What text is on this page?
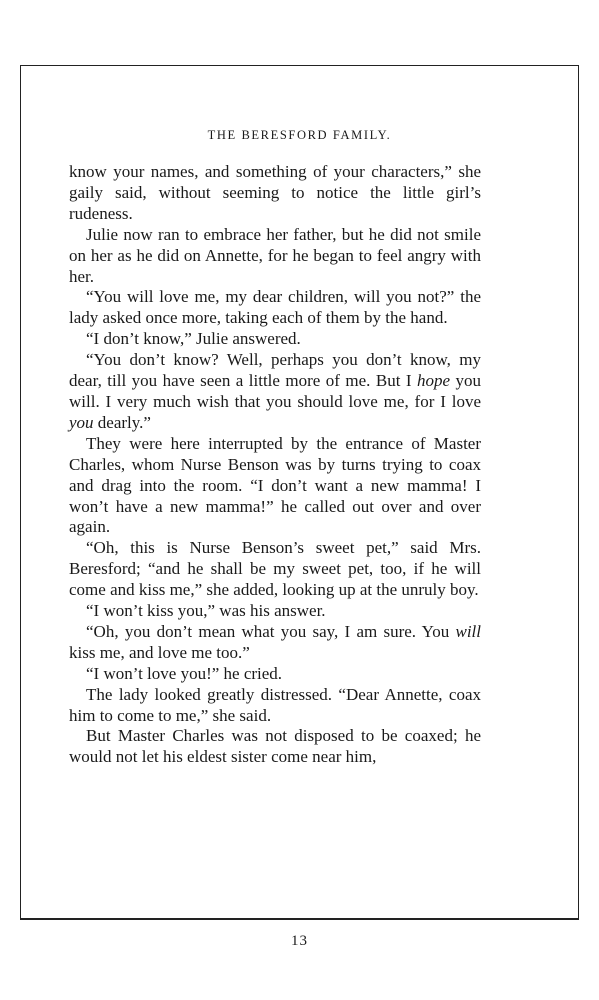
THE BERESFORD FAMILY.

know your names, and something of your characters,” she gaily said, without seeming to notice the little girl’s rudeness.

Julie now ran to embrace her father, but he did not smile on her as he did on Annette, for he began to feel angry with her.

“You will love me, my dear children, will you not?” the lady asked once more, taking each of them by the hand.

“I don’t know,” Julie answered.

“You don’t know? Well, perhaps you don’t know, my dear, till you have seen a little more of me. But I hope you will. I very much wish that you should love me, for I love you dearly.”

They were here interrupted by the entrance of Master Charles, whom Nurse Benson was by turns trying to coax and drag into the room. “I don’t want a new mamma! I won’t have a new mamma!” he called out over and over again.

“Oh, this is Nurse Benson’s sweet pet,” said Mrs. Beresford; “and he shall be my sweet pet, too, if he will come and kiss me,” she added, looking up at the unruly boy.

“I won’t kiss you,” was his answer.

“Oh, you don’t mean what you say, I am sure. You will kiss me, and love me too.”

“I won’t love you!” he cried.

The lady looked greatly distressed. “Dear Annette, coax him to come to me,” she said.

But Master Charles was not disposed to be coaxed; he would not let his eldest sister come near him,

13
